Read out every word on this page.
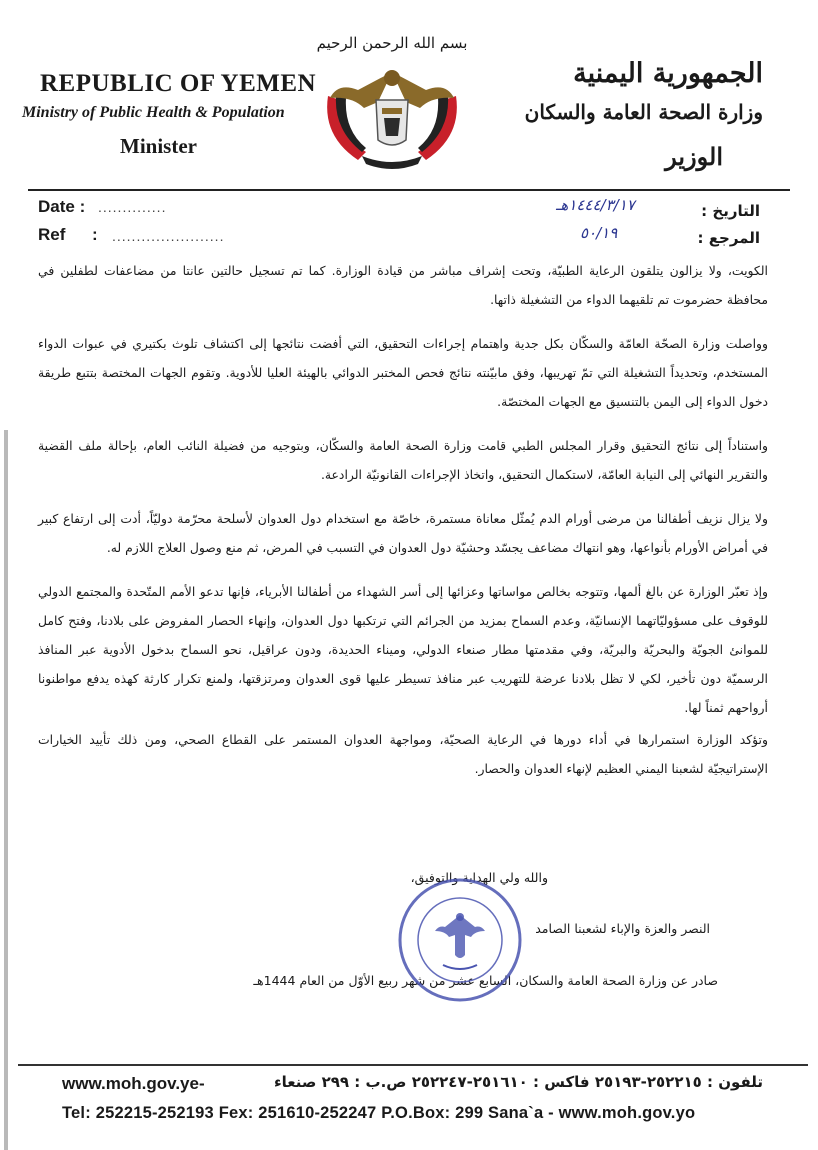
REPUBLIC OF YEMEN
Ministry of Public Health & Population
Minister
بسم الله الرحمن الرحيم
الجمهورية اليمنية
وزارة الصحة العامة والسكان
الوزير
Date : ..............
Ref : .......................
التاريخ :
المرجع :
١٤٤٤/٣/١٧هـ
٥٠/١٩

الكويت، ولا يزالون يتلقون الرعاية الطبيّة، وتحت إشراف مباشر من قيادة الوزارة. كما تم تسجيل حالتين عانتا من مضاعفات لطفلين في محافظة حضرموت تم تلقيهما الدواء من التشغيلة ذاتها.

وواصلت وزارة الصحّة العامّة والسكّان بكل جدية واهتمام إجراءات التحقيق، التي أفضت نتائجها إلى اكتشاف تلوث بكتيري في عبوات الدواء المستخدم، وتحديداً التشغيلة التي تمّ تهريبها، وفق مابيّنته نتائج فحص المختبر الدوائي بالهيئة العليا للأدوية. وتقوم الجهات المختصة بتتبع طريقة دخول الدواء إلى اليمن بالتنسيق مع الجهات المختصّة.

واستناداً إلى نتائج التحقيق وقرار المجلس الطبي قامت وزارة الصحة العامة والسكّان، وبتوجيه من فضيلة النائب العام، بإحالة ملف القضية والتقرير النهائي إلى النيابة العامّة، لاستكمال التحقيق، واتخاذ الإجراءات القانونيّة الرادعة.

ولا يزال نزيف أطفالنا من مرضى أورام الدم يُمثّل معاناة مستمرة، خاصّة مع استخدام دول العدوان لأسلحة محرّمة دوليّاً، أدت إلى ارتفاع كبير في أمراض الأورام بأنواعها، وهو انتهاك مضاعف يجسّد وحشيّة دول العدوان في التسبب في المرض، ثم منع وصول العلاج اللازم له.

وإذ تعبّر الوزارة عن بالغ ألمها، وتتوجه بخالص مواساتها وعزائها إلى أسر الشهداء من أطفالنا الأبرياء، فإنها تدعو الأمم المتّحدة والمجتمع الدولي للوقوف على مسؤوليّاتهما الإنسانيّة، وعدم السماح بمزيد من الجرائم التي ترتكبها دول العدوان، وإنهاء الحصار المفروض على بلادنا، وفتح كامل للموانئ الجويّة والبحريّة والبريّة، وفي مقدمتها مطار صنعاء الدولي، وميناء الحديدة، ودون عراقيل، نحو السماح بدخول الأدوية عبر المنافذ الرسميّة دون تأخير، لكي لا تظل بلادنا عرضة للتهريب عبر منافذ تسيطر عليها قوى العدوان ومرتزقتها، ولمنع تكرار كارثة كهذه يدفع مواطنونا أرواحهم ثمناً لها.

وتؤكد الوزارة استمرارها في أداء دورها في الرعاية الصحيّة، ومواجهة العدوان المستمر على القطاع الصحي، ومن ذلك تأييد الخيارات الإستراتيجيّة لشعبنا اليمني العظيم لإنهاء العدوان والحصار.

والله ولي الهداية والتوفيق،
النصر والعزة والإباء لشعبنا الصامد
صادر عن وزارة الصحة العامة والسكان، السابع عشر من شهر ربيع الأوّل من العام 1444هـ
www.moh.gov.ye-	تلفون : ٢٥٢٢١٥-٢٥١٩٣ فاكس : ٢٥١٦١٠-٢٥٢٢٤٧ ص.ب : ٢٩٩ صنعاء
Tel: 252215-252193 Fex: 251610-252247 P.O.Box: 299 Sana`a - www.moh.gov.yo
